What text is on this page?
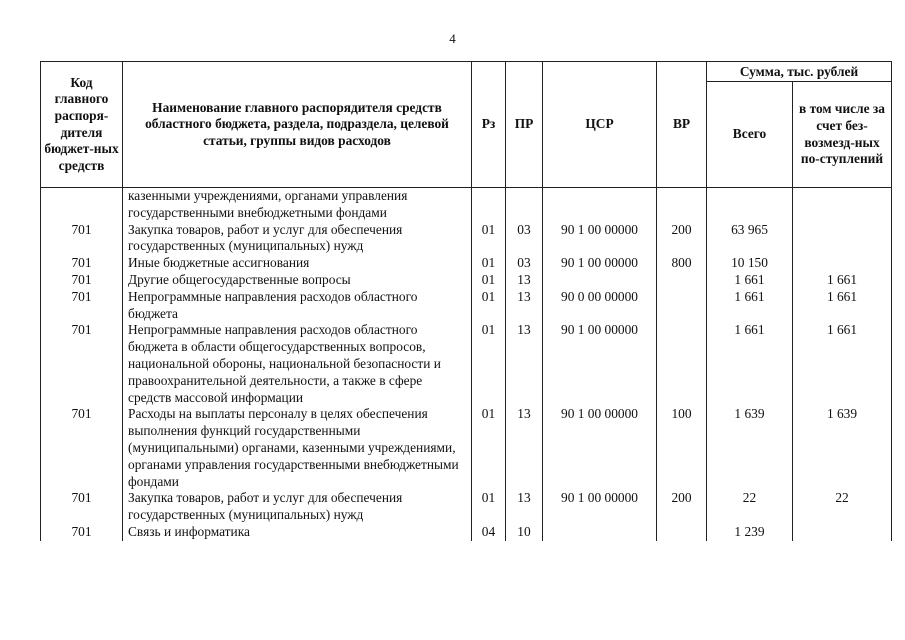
4
Код главного распоря-дителя бюджет-ных средств	Наименование главного распорядителя средств областного бюджета, раздела, подраздела, целевой статьи, группы видов расходов	Рз	ПР	ЦСР	ВР	Сумма, тыс. рублей	
						Всего	в том числе за счет без-возмезд-ных по-ступлений
	казенными учреждениями, органами управления государственными внебюджетными фондами						
701	Закупка товаров, работ и услуг для обеспечения государственных (муниципальных) нужд	01	03	90 1 00 00000	200	63 965	
701	Иные бюджетные ассигнования	01	03	90 1 00 00000	800	10 150	
701	Другие общегосударственные вопросы	01	13			1 661	1 661
701	Непрограммные направления расходов областного бюджета	01	13	90 0 00 00000		1 661	1 661
701	Непрограммные направления расходов областного бюджета в области общегосударственных вопросов, национальной обороны, национальной безопасности и правоохранительной деятельности, а также в сфере средств массовой информации	01	13	90 1 00 00000		1 661	1 661
701	Расходы на выплаты персоналу в целях обеспечения выполнения функций государственными (муниципальными) органами, казенными учреждениями, органами управления государственными внебюджетными фондами	01	13	90 1 00 00000	100	1 639	1 639
701	Закупка товаров, работ и услуг для обеспечения государственных (муниципальных) нужд	01	13	90 1 00 00000	200	22	22
701	Связь и информатика	04	10			1 239	
